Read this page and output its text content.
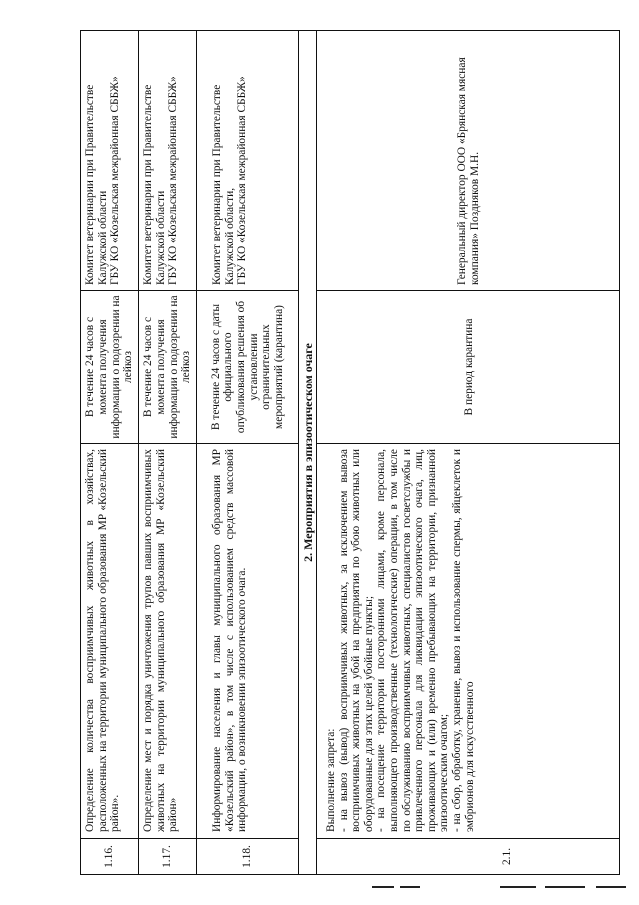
1.16.
Определение количества восприимчивых животных в хозяйствах, расположенных на территории муниципального образования МР «Козельский район».
В течение 24 часов с момента получения информации о подозрении на лейкоз
Комитет ветеринарии при Правительстве Калужской области ГБУ КО «Козельская межрайонная СББЖ»
1.17.
Определение мест и порядка уничтожения трупов павших восприимчивых животных на территории муниципального образования МР «Козельский район»
В течение 24 часов с момента получения информации о подозрении на лейкоз
Комитет ветеринарии при Правительстве Калужской области ГБУ КО «Козельская межрайонная СББЖ»
1.18.
Информирование населения и главы муниципального образования МР «Козельский район», в том числе с использованием средств массовой информации, о возникновении эпизоотического очага.
В течение 24 часов с даты официального опубликования решения об установлении ограничительных мероприятий (карантина)
Комитет ветеринарии при Правительстве Калужской области, ГБУ КО «Козельская межрайонная СББЖ»
2. Мероприятия в эпизоотическом очаге
2.1.
Выполнение запрета: - на вывоз (вывод) восприимчивых животных, за исключением вывоза восприимчивых животных на убой на предприятия по убою животных или оборудованные для этих целей убойные пункты; - на посещение территории посторонними лицами, кроме персонала, выполняющего производственные (технологические) операции, в том числе по обслуживанию восприимчивых животных, специалистов госветслужбы и привлеченного персонала для ликвидации эпизоотического очага, лиц, проживающих и (или) временно пребывающих на территории, признанной эпизоотическим очагом; - на сбор, обработку, хранение, вывоз и использование спермы, яйцеклеток и эмбрионов для искусственного
В период карантина
Генеральный директор ООО «Брянская мясная компания» Поздняков М.Н.
